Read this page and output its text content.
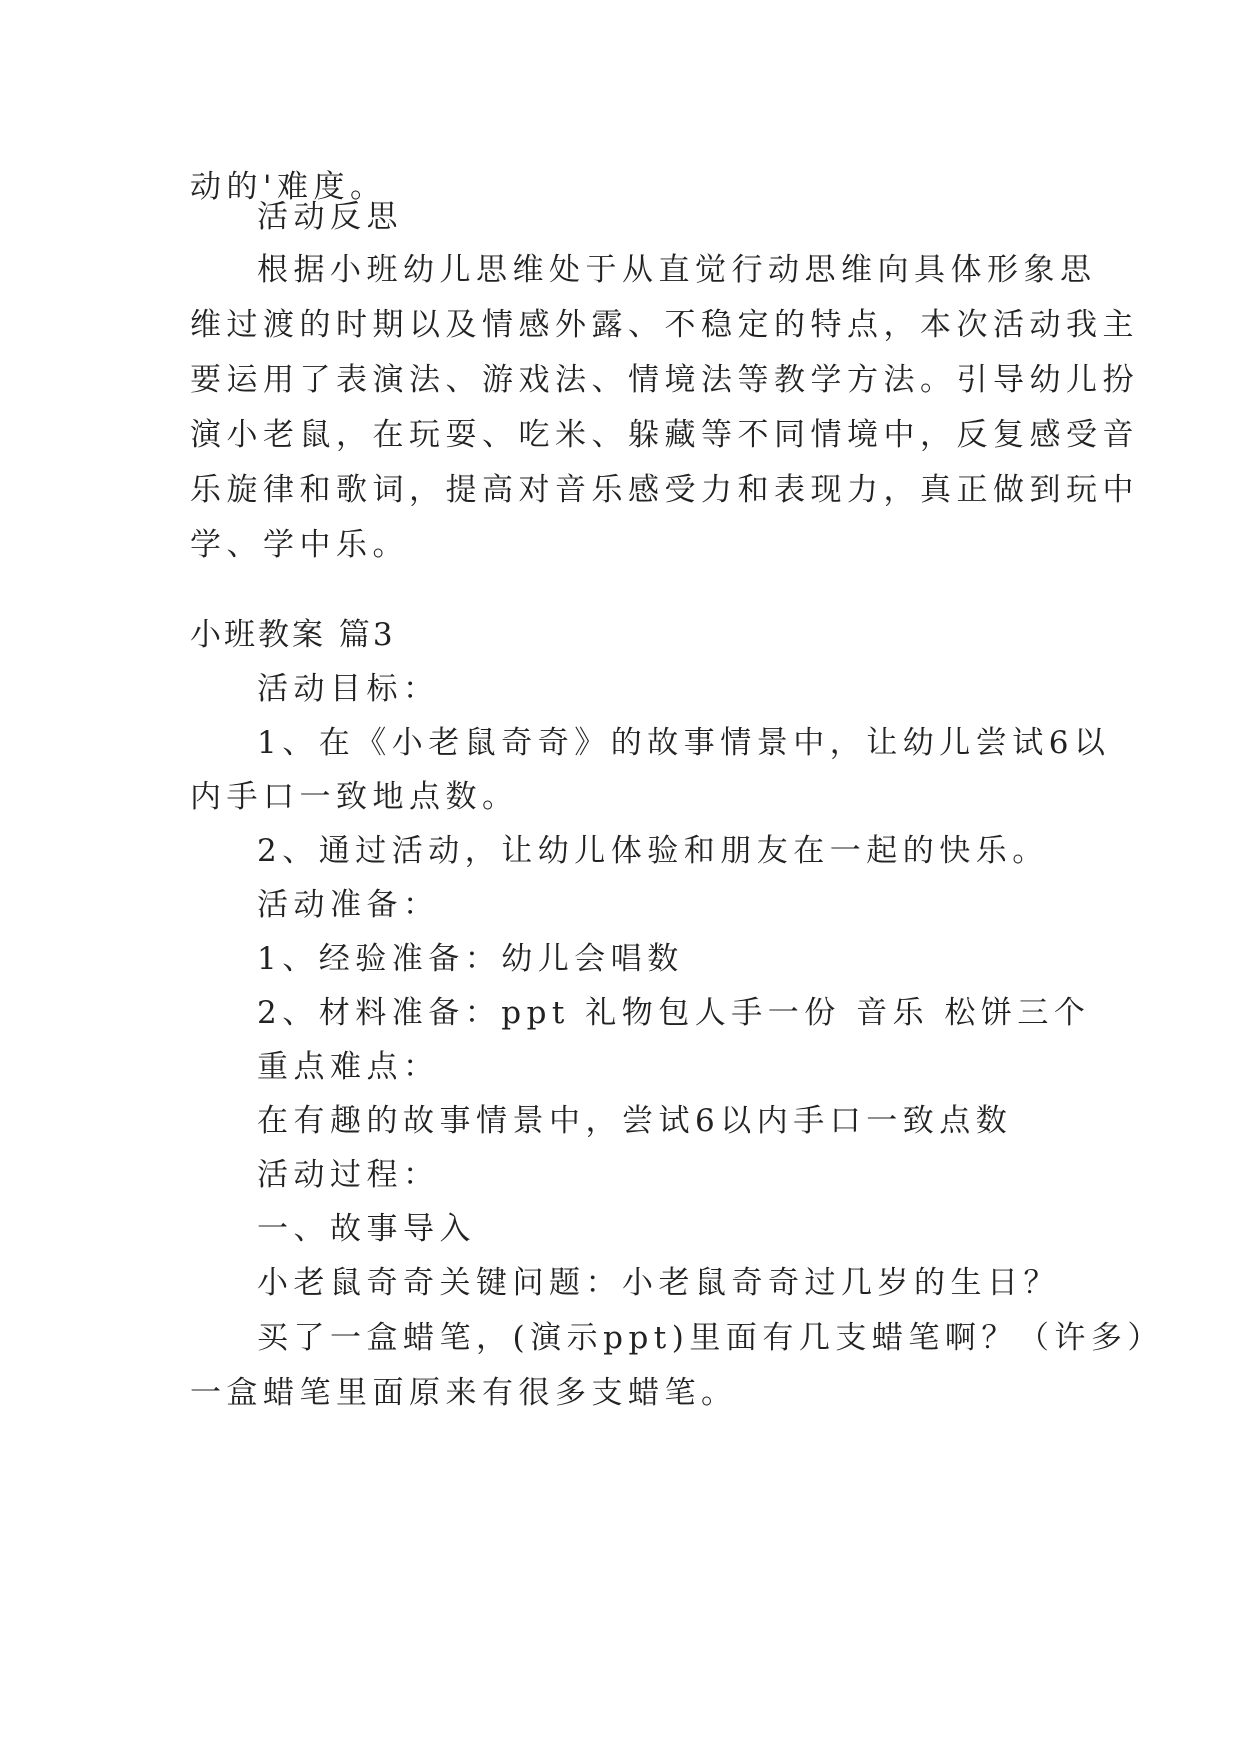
动的'难度。
活动反思
根据小班幼儿思维处于从直觉行动思维向具体形象思
维过渡的时期以及情感外露、不稳定的特点，本次活动我主
要运用了表演法、游戏法、情境法等教学方法。引导幼儿扮
演小老鼠，在玩耍、吃米、躲藏等不同情境中，反复感受音
乐旋律和歌词，提高对音乐感受力和表现力，真正做到玩中
学、学中乐。
小班教案 篇3
活动目标：
1、在《小老鼠奇奇》的故事情景中，让幼儿尝试6以
内手口一致地点数。
2、通过活动，让幼儿体验和朋友在一起的快乐。
活动准备：
1、经验准备：幼儿会唱数
2、材料准备：ppt 礼物包人手一份 音乐 松饼三个
重点难点：
在有趣的故事情景中，尝试6以内手口一致点数
活动过程：
一、故事导入
小老鼠奇奇关键问题：小老鼠奇奇过几岁的生日？
买了一盒蜡笔，(演示ppt)里面有几支蜡笔啊？（许多）
一盒蜡笔里面原来有很多支蜡笔。
